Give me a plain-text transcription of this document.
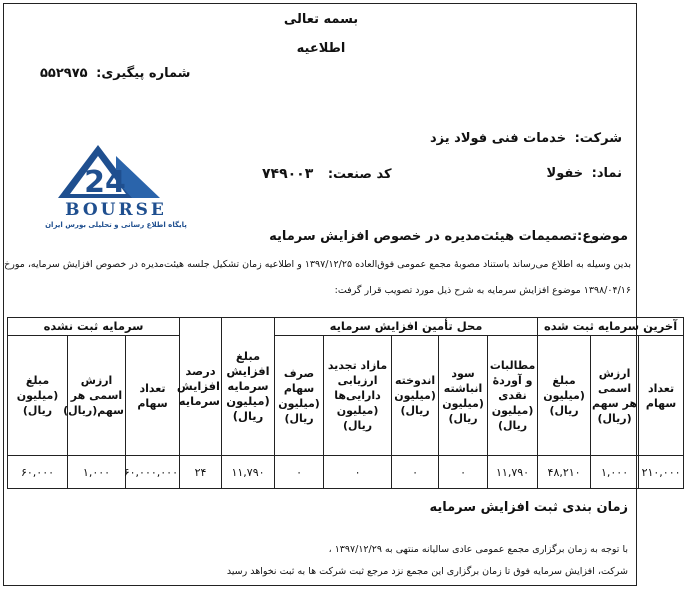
بسمه تعالی
اطلاعیه
شماره پیگیری: ۵۵۲۹۷۵
شرکت: خدمات فنی فولاد یزد
نماد: خفولا
کد صنعت: ۷۴۹۰۰۳
24
BOURSE
پایگاه اطلاع رسانی و تحلیلی بورس ایران
موضوع:تصمیمات هیئت‌مدیره در خصوص افزایش سرمایه
بدین وسیله به اطلاع می‌رساند باستناد مصوبهٔ مجمع عمومی فوق‌العاده ۱۳۹۷/۱۲/۲۵ و اطلاعیه زمان تشکیل جلسه هیئت‌مدیره در خصوص افزایش سرمایه، مورخ
۱۳۹۸/۰۴/۱۶ موضوع افزایش سرمایه به شرح ذیل مورد تصویب قرار گرفت:
آخرین سرمایه ثبت شده			محل تأمین افزایش سرمایه					مبلغ افزایش سرمایه (میلیون ریال)	درصد افزایش سرمایه	سرمایه ثبت نشده		
تعداد سهام	ارزش اسمی هر سهم (ریال)	مبلغ (میلیون ریال)	مطالبات و آوردهٔ نقدی (میلیون ریال)	سود انباشته (میلیون ریال)	اندوخته (میلیون ریال)	مازاد تجدید ارزیابی دارایی‌ها (میلیون ریال)	صرف سهام (میلیون ریال)			تعداد سهام	ارزش اسمی هر سهم(ریال)	مبلغ (میلیون ریال)
۲۱۰,۰۰۰	۱,۰۰۰	۴۸,۲۱۰	۱۱,۷۹۰	۰	۰	۰	۰	۱۱,۷۹۰	۲۴	۶۰,۰۰۰,۰۰۰	۱,۰۰۰	۶۰,۰۰۰
زمان بندی ثبت افزایش سرمایه
با توجه به زمان برگزاری مجمع عمومی عادی سالیانه منتهی به ۱۳۹۷/۱۲/۲۹ ،
شرکت، افزایش سرمایه فوق تا زمان برگزاری این مجمع نزد مرجع ثبت شرکت ها به ثبت نخواهد رسید
